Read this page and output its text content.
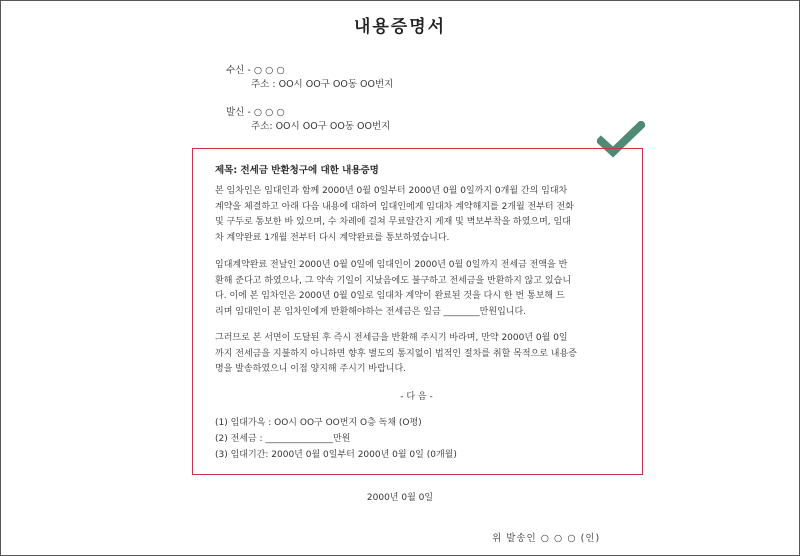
내용증명서
수신 - ○ ○ ○
주소 : OO시 OO구 OO동 OO번지
발신 - ○ ○ ○
주소: OO시 OO구 OO동 OO번지
제목: 전세금 반환청구에 대한 내용증명
본 임차인은 임대인과 함께 2000년 0월 0일부터 2000년 0월 0일까지 0개월 간의 임대차
계약을 체결하고 아래 다음 내용에 대하여 임대인에게 임대차 계약해지를 2개월 전부터 전화
및 구두로 통보한 바 있으며, 수 차례에 걸쳐 무료알간지 게재 및 벽보부착을 하였으며, 임대
차 계약완료 1개월 전부터 다시 계약완료를 통보하였습니다.
임대계약완료 전날인 2000년 0월 0일에 임대인이 2000년 0월 0일까지 전세금 전액을 반
환해 준다고 하였으나, 그 약속 기일이 지났음에도 불구하고 전세금을 반환하지 않고 있습니
다. 이에 본 임차인은 2000년 0월 0일로 임대차 계약이 완료된 것을 다시 한 번 통보해 드
리며 임대인이 본 임차인에게 반환해야하는 전세금은 일금 ________만원입니다.
그러므로 본 서면이 도달된 후 즉시 전세금을 반환해 주시기 바라며, 만약 2000년 0월 0일
까지 전세금을 지불하지 아니하면 향후 별도의 통지없이 법적인 절차를 취할 목적으로 내용증
명을 발송하였으니 이점 양지해 주시기 바랍니다.
- 다 음 -
(1) 임대가옥 : OO시 OO구 OO번지 O층 독채 (O평)
(2) 전세금 : _______________만원
(3) 임대기간: 2000년 0월 0일부터 2000년 0월 0일 (0개월)
2000년 0월 0일
위 발송인 ○ ○ ○ (인)
